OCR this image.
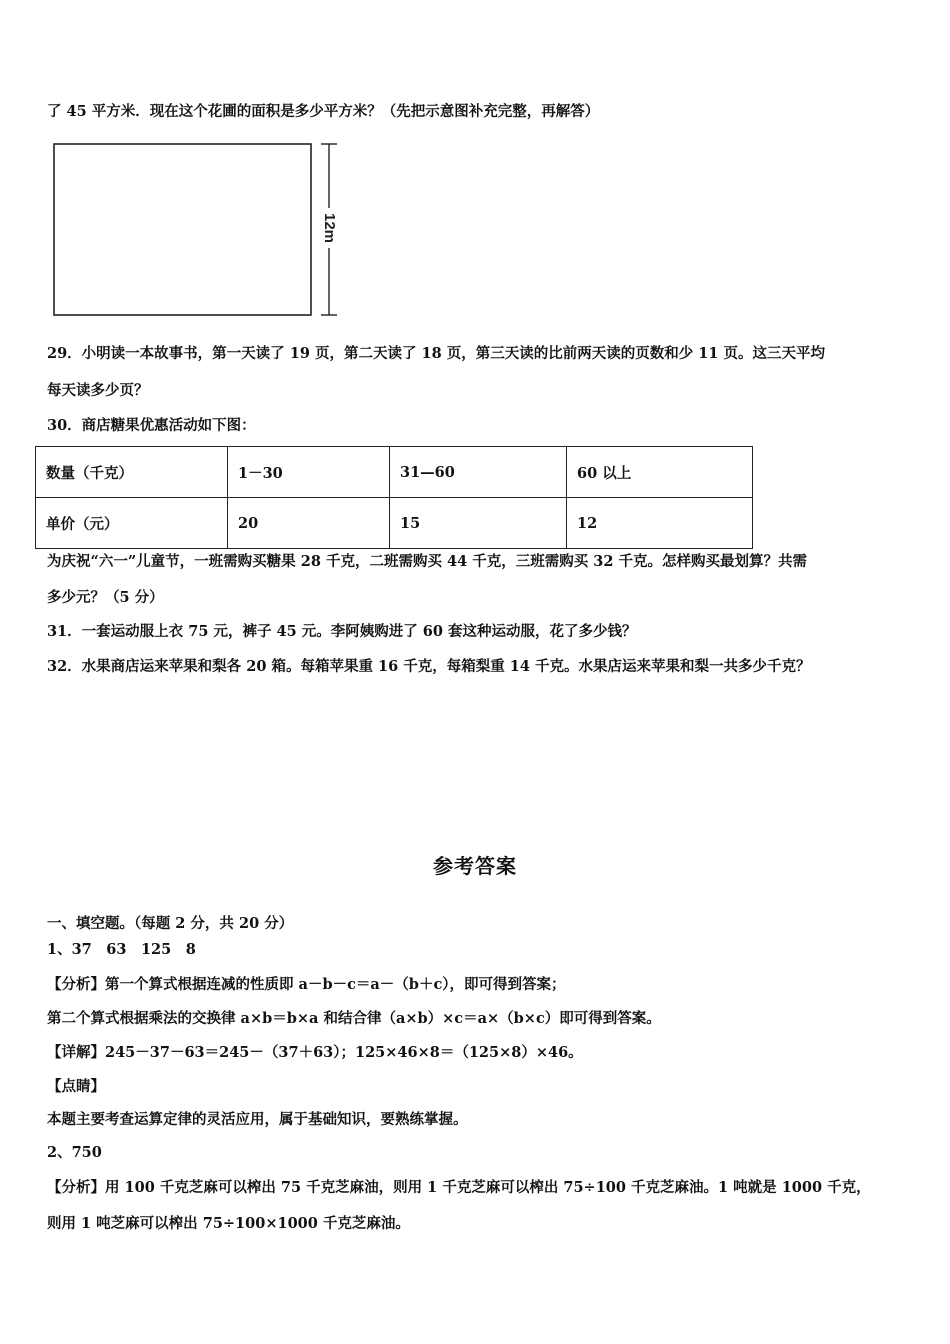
了 45 平方米．现在这个花圃的面积是多少平方米？（先把示意图补充完整，再解答）
12m
29．小明读一本故事书，第一天读了 19 页，第二天读了 18 页，第三天读的比前两天读的页数和少 11 页。这三天平均
每天读多少页？
30．商店糖果优惠活动如下图：
数量（千克）	1－30	31—60	60 以上
单价（元）	20	15	12
为庆祝“六一”儿童节，一班需购买糖果 28 千克，二班需购买 44 千克，三班需购买 32 千克。怎样购买最划算？共需
多少元？（5 分）
31．一套运动服上衣 75 元，裤子 45 元。李阿姨购进了 60 套这种运动服，花了多少钱？
32．水果商店运来苹果和梨各 20 箱。每箱苹果重 16 千克，每箱梨重 14 千克。水果店运来苹果和梨一共多少千克？
参考答案
一、填空题。（每题 2 分，共 20 分）
1、37　63　125　8
【分析】第一个算式根据连减的性质即 a－b－c＝a－（b＋c），即可得到答案；
第二个算式根据乘法的交换律 a×b＝b×a 和结合律（a×b）×c＝a×（b×c）即可得到答案。
【详解】245－37－63＝245－（37＋63）；125×46×8＝（125×8）×46。
【点睛】
本题主要考查运算定律的灵活应用，属于基础知识，要熟练掌握。
2、750
【分析】用 100 千克芝麻可以榨出 75 千克芝麻油，则用 1 千克芝麻可以榨出 75÷100 千克芝麻油。1 吨就是 1000 千克，
则用 1 吨芝麻可以榨出 75÷100×1000 千克芝麻油。
